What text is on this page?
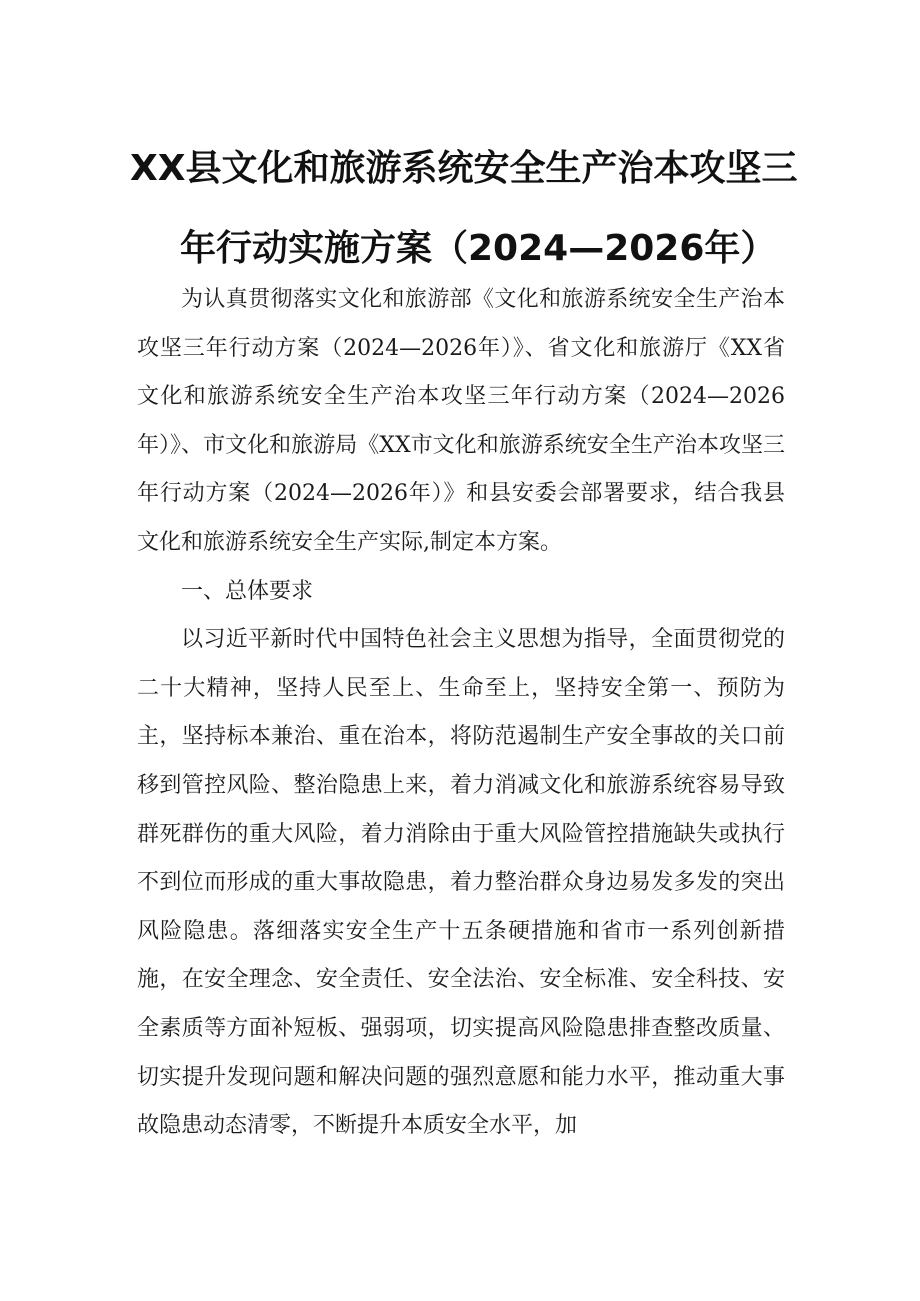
XX县文化和旅游系统安全生产治本攻坚三
年行动实施方案（2024—2026年）

为认真贯彻落实文化和旅游部《文化和旅游系统安全生产治本攻坚三年行动方案（2024—2026年）》、省文化和旅游厅《XX省文化和旅游系统安全生产治本攻坚三年行动方案（2024—2026年）》、市文化和旅游局《XX市文化和旅游系统安全生产治本攻坚三年行动方案（2024—2026年）》和县安委会部署要求，结合我县文化和旅游系统安全生产实际,制定本方案。

一、总体要求

以习近平新时代中国特色社会主义思想为指导，全面贯彻党的二十大精神，坚持人民至上、生命至上，坚持安全第一、预防为主，坚持标本兼治、重在治本，将防范遏制生产安全事故的关口前移到管控风险、整治隐患上来，着力消减文化和旅游系统容易导致群死群伤的重大风险，着力消除由于重大风险管控措施缺失或执行不到位而形成的重大事故隐患，着力整治群众身边易发多发的突出风险隐患。落细落实安全生产十五条硬措施和省市一系列创新措施，在安全理念、安全责任、安全法治、安全标准、安全科技、安全素质等方面补短板、强弱项，切实提高风险隐患排查整改质量、切实提升发现问题和解决问题的强烈意愿和能力水平，推动重大事故隐患动态清零，不断提升本质安全水平，加
